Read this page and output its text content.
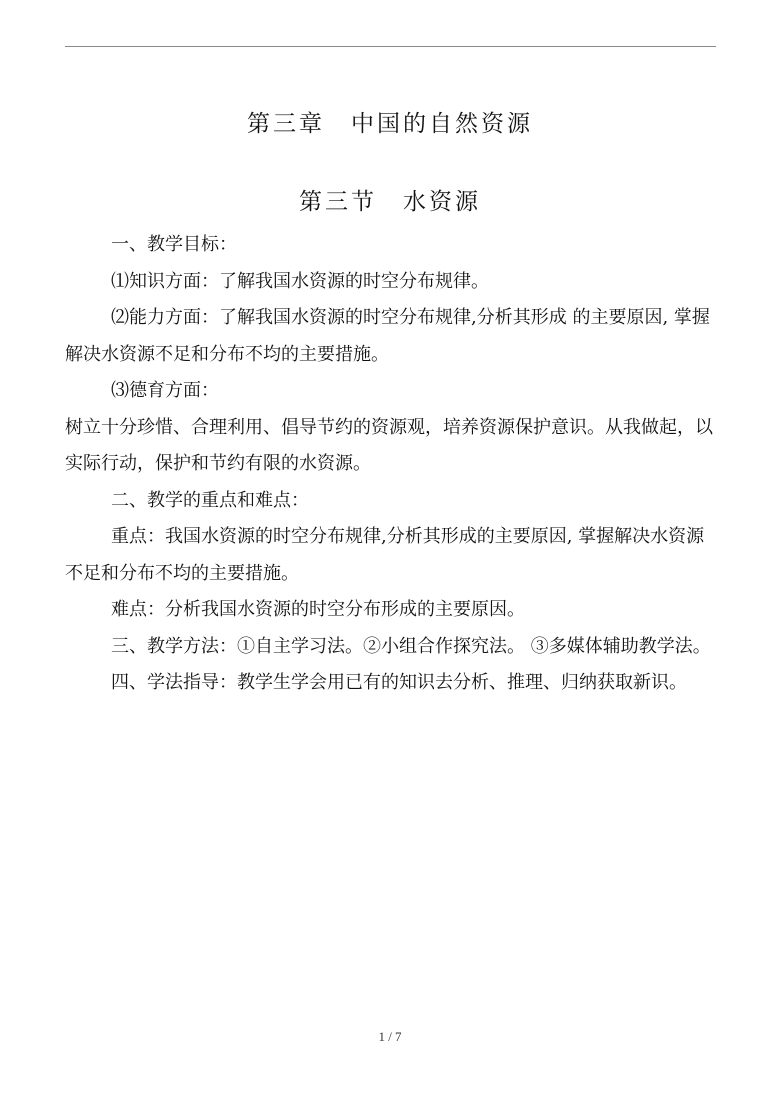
第三章　中国的自然资源
第三节　水资源

一、教学目标：

⑴知识方面：了解我国水资源的时空分布规律。

⑵能力方面：了解我国水资源的时空分布规律,分析其形成 的主要原因, 掌握解决水资源不足和分布不均的主要措施。

⑶德育方面：

树立十分珍惜、合理利用、倡导节约的资源观，培养资源保护意识。从我做起，以实际行动，保护和节约有限的水资源。

二、教学的重点和难点：

重点：我国水资源的时空分布规律,分析其形成的主要原因, 掌握解决水资源不足和分布不均的主要措施。

难点：分析我国水资源的时空分布形成的主要原因。

三、教学方法：①自主学习法。②小组合作探究法。 ③多媒体辅助教学法。

四、学法指导：教学生学会用已有的知识去分析、推理、归纳获取新识。

1 / 7
